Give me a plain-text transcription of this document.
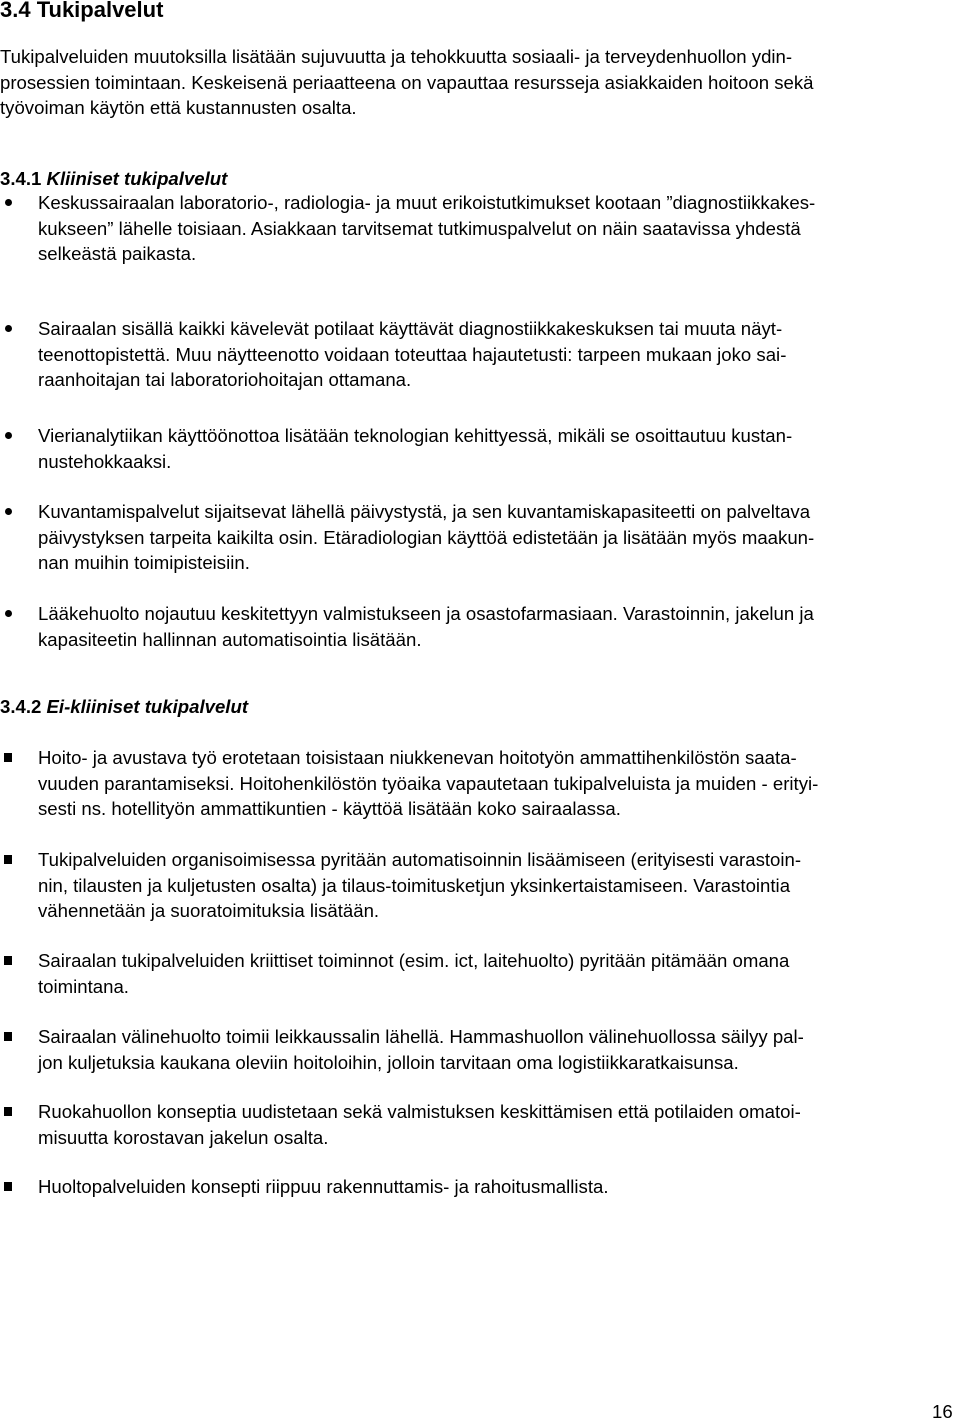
3.4 Tukipalvelut

Tukipalveluiden muutoksilla lisätään sujuvuutta ja tehokkuutta sosiaali- ja terveydenhuollon ydin-
prosessien toimintaan. Keskeisenä periaatteena on vapauttaa resursseja asiakkaiden hoitoon sekä
työvoiman käytön että kustannusten osalta.

3.4.1 Kliiniset tukipalvelut

Keskussairaalan laboratorio-, radiologia- ja muut erikoistutkimukset kootaan ”diagnostiikkakes-
kukseen” lähelle toisiaan. Asiakkaan tarvitsemat tutkimuspalvelut on näin saatavissa yhdestä
selkeästä paikasta.

Sairaalan sisällä kaikki kävelevät potilaat käyttävät diagnostiikkakeskuksen tai muuta näyt-
teenottopistettä. Muu näytteenotto voidaan toteuttaa hajautetusti: tarpeen mukaan joko sai-
raanhoitajan tai laboratoriohoitajan ottamana.

Vierianalytiikan käyttöönottoa lisätään teknologian kehittyessä, mikäli se osoittautuu kustan-
nustehokkaaksi.

Kuvantamispalvelut sijaitsevat lähellä päivystystä, ja sen kuvantamiskapasiteetti on palveltava
päivystyksen tarpeita kaikilta osin. Etäradiologian käyttöä edistetään ja lisätään myös maakun-
nan muihin toimipisteisiin.

Lääkehuolto nojautuu keskitettyyn valmistukseen ja osastofarmasiaan. Varastoinnin, jakelun ja
kapasiteetin hallinnan automatisointia lisätään.

3.4.2 Ei-kliiniset tukipalvelut

Hoito- ja avustava työ erotetaan toisistaan niukkenevan hoitotyön ammattihenkilöstön saata-
vuuden parantamiseksi. Hoitohenkilöstön työaika vapautetaan tukipalveluista ja muiden - erityi-
sesti ns. hotellityön ammattikuntien - käyttöä lisätään koko sairaalassa.

Tukipalveluiden organisoimisessa pyritään automatisoinnin lisäämiseen (erityisesti varastoin-
nin, tilausten ja kuljetusten osalta) ja tilaus-toimitusketjun yksinkertaistamiseen. Varastointia
vähennetään ja suoratoimituksia lisätään.

Sairaalan tukipalveluiden kriittiset toiminnot (esim. ict, laitehuolto) pyritään pitämään omana
toimintana.

Sairaalan välinehuolto toimii leikkaussalin lähellä. Hammashuollon välinehuollossa säilyy pal-
jon kuljetuksia kaukana oleviin hoitoloihin, jolloin tarvitaan oma logistiikkaratkaisunsa.

Ruokahuollon konseptia uudistetaan sekä valmistuksen keskittämisen että potilaiden omatoi-
misuutta korostavan jakelun osalta.

Huoltopalveluiden konsepti riippuu rakennuttamis- ja rahoitusmallista.

16
